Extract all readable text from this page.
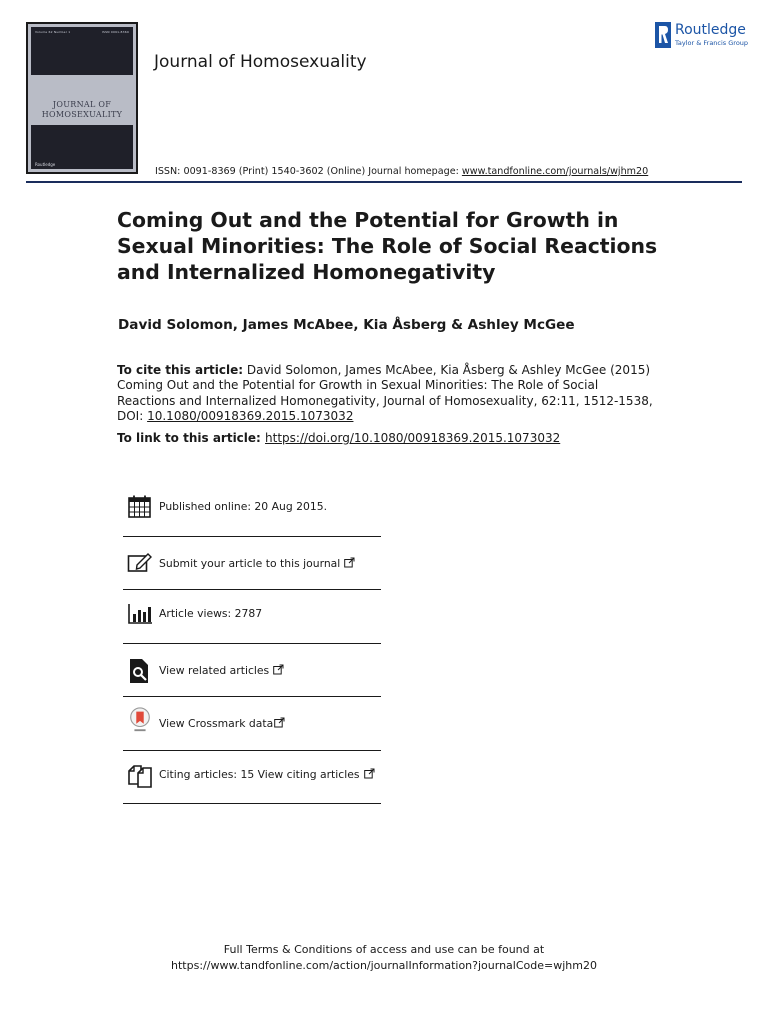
Volume 62 Number 1	ISSN 0091-8369
JOURNAL OF
HOMOSEXUALITY
Routledge
Journal of Homosexuality
Routledge
Taylor & Francis Group
ISSN: 0091-8369 (Print) 1540-3602 (Online) Journal homepage: www.tandfonline.com/journals/wjhm20
Coming Out and the Potential for Growth in Sexual Minorities: The Role of Social Reactions and Internalized Homonegativity
David Solomon, James McAbee, Kia Åsberg & Ashley McGee
To cite this article: David Solomon, James McAbee, Kia Åsberg & Ashley McGee (2015) Coming Out and the Potential for Growth in Sexual Minorities: The Role of Social Reactions and Internalized Homonegativity, Journal of Homosexuality, 62:11, 1512-1538, DOI: 10.1080/00918369.2015.1073032
To link to this article: https://doi.org/10.1080/00918369.2015.1073032
Published online: 20 Aug 2015.
Submit your article to this journal
Article views: 2787
View related articles
View Crossmark data
Citing articles: 15 View citing articles
Full Terms & Conditions of access and use can be found at
https://www.tandfonline.com/action/journalInformation?journalCode=wjhm20
